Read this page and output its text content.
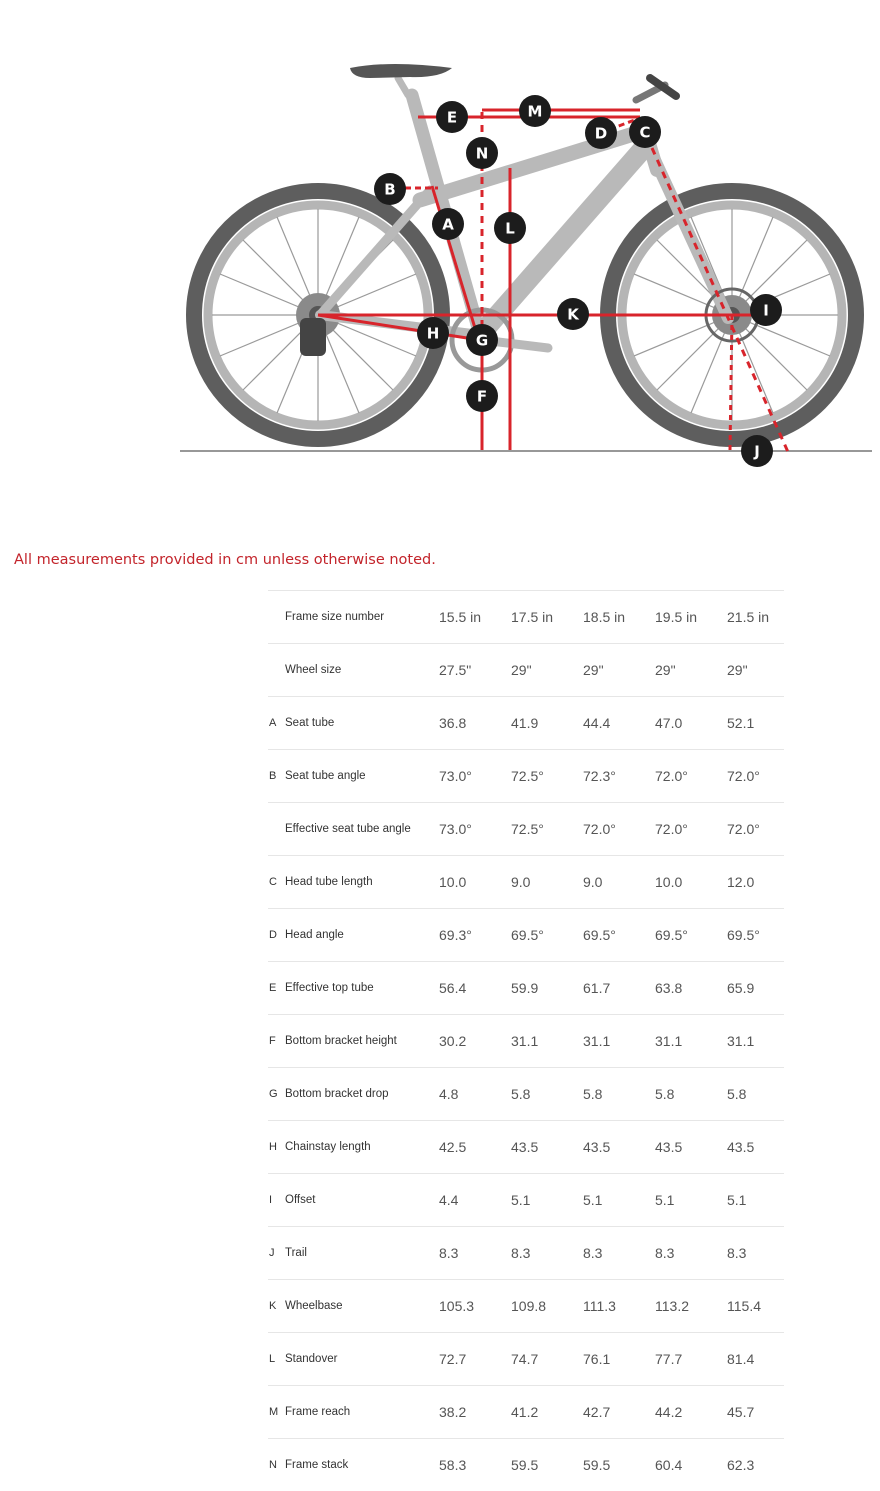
A
B
C
D
E
F
G
H
I
J
K
L
M
N

All measurements provided in cm unless otherwise noted.

Frame size number	15.5 in 17.5 in 18.5 in 19.5 in 21.5 in
Wheel size	27.5"	29"	29"	29"	29"
A Seat tube	36.8	41.9	44.4	47.0	52.1
B Seat tube angle	73.0°	72.5°	72.3°	72.0°	72.0°
Effective seat tube angle 73.0°	72.5°	72.0°	72.0°	72.0°
C Head tube length	10.0	9.0	9.0	10.0	12.0
D Head angle	69.3°	69.5°	69.5°	69.5°	69.5°
E Effective top tube	56.4	59.9	61.7	63.8	65.9
F Bottom bracket height	30.2	31.1	31.1	31.1	31.1
G Bottom bracket drop	4.8	5.8	5.8	5.8	5.8
H Chainstay length	42.5	43.5	43.5	43.5	43.5
I Offset	4.4	5.1	5.1	5.1	5.1
J Trail	8.3	8.3	8.3	8.3	8.3
K Wheelbase	105.3	109.8	111.3	113.2	115.4
L Standover	72.7	74.7	76.1	77.7	81.4
M Frame reach	38.2	41.2	42.7	44.2	45.7
N Frame stack	58.3	59.5	59.5	60.4	62.3
